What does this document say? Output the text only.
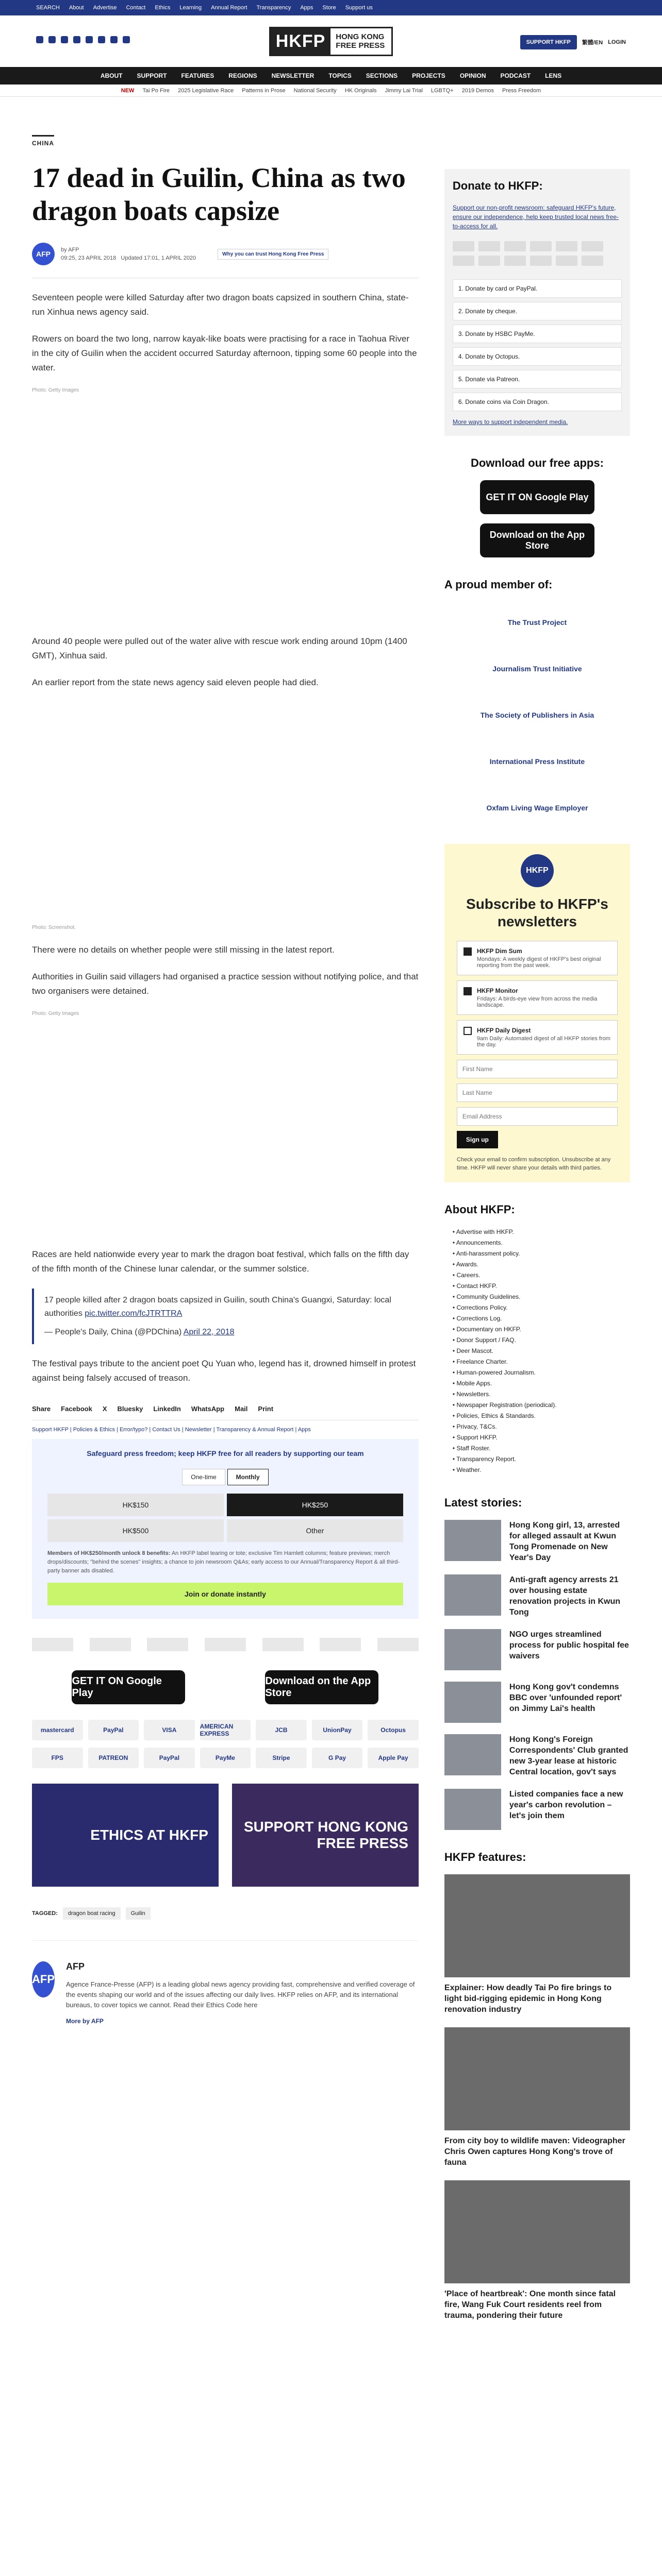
SEARCH About Advertise Contact Ethics Learning Annual Report Transparency Apps Store Support us
HKFP	HONG KONG FREE PRESS	SUPPORT HKFP	繁體/EN LOGIN
ABOUT SUPPORT FEATURES REGIONS NEWSLETTER TOPICS SECTIONS PROJECTS OPINION PODCAST LENS
NEW Tai Po Fire 2025 Legislative Race Patterns in Prose National Security HK Originals Jimmy Lai Trial LGBTQ+ 2019 Demos Press Freedom
CHINA
17 dead in Guilin, China as two dragon boats capsize
AFP	by AFP
09:25, 23 APRIL 2018 Updated 17:01, 1 APRIL 2020
Why you can trust Hong Kong Free Press

Seventeen people were killed Saturday after two dragon boats capsized in southern China, state-run Xinhua news agency said.

Rowers on board the two long, narrow kayak-like boats were practising for a race in Taohua River in the city of Guilin when the accident occurred Saturday afternoon, tipping some 60 people into the water.

Photo: Getty Images

Around 40 people were pulled out of the water alive with rescue work ending around 10pm (1400 GMT), Xinhua said.

An earlier report from the state news agency said eleven people had died.

Photo: Screenshot.

There were no details on whether people were still missing in the latest report.

Authorities in Guilin said villagers had organised a practice session without notifying police, and that two organisers were detained.

Photo: Getty Images

Races are held nationwide every year to mark the dragon boat festival, which falls on the fifth day of the fifth month of the Chinese lunar calendar, or the summer solstice.

17 people killed after 2 dragon boats capsized in Guilin, south China's Guangxi, Saturday: local authorities pic.twitter.com/fcJTRTTRA
— People's Daily, China (@PDChina) April 22, 2018

The festival pays tribute to the ancient poet Qu Yuan who, legend has it, drowned himself in protest against being falsely accused of treason.

Share Facebook X Bluesky LinkedIn WhatsApp Mail Print
Support HKFP | Policies & Ethics | Error/typo? | Contact Us | Newsletter | Transparency & Annual Report | Apps
Safeguard press freedom; keep HKFP free for all readers by supporting our team
One-time	Monthly
HK$150	HK$250
HK$500	Other
Members of HK$250/month unlock 8 benefits: An HKFP label tearing or tote; exclusive Tim Hamlett columns; feature previews; merch drops/discounts; "behind the scenes" insights; a chance to join newsroom Q&As; early access to our Annual/Transparency Report & all third-party banner ads disabled.
Join or donate instantly
GET IT ON Google Play
Download on the App Store
mastercard	PayPal	VISA	AMERICAN EXPRESS	JCB	UnionPay	Octopus
FPS	PATREON	PayPal	PayMe	Stripe	G Pay	Apple Pay
ETHICS AT HKFP
SUPPORT HONG KONG FREE PRESS
TAGGED:	dragon boat racing	Guilin
AFP
AFP

Agence France-Presse (AFP) is a leading global news agency providing fast, comprehensive and verified coverage of the events shaping our world and of the issues affecting our daily lives. HKFP relies on AFP, and its international bureaus, to cover topics we cannot. Read their Ethics Code here

More by AFP
Donate to HKFP:

Support our non-profit newsroom: safeguard HKFP's future, ensure our independence, help keep trusted local news free-to-access for all.

1. Donate by card or PayPal.
2. Donate by cheque.
3. Donate by HSBC PayMe.
4. Donate by Octopus.
5. Donate via Patreon.
6. Donate coins via Coin Dragon.
More ways to support independent media.
Download our free apps:
GET IT ON Google Play
Download on the App Store
A proud member of:
The Trust Project
Journalism Trust Initiative
The Society of Publishers in Asia
International Press Institute
Oxfam Living Wage Employer
HKFP
Subscribe to HKFP's newsletters
HKFP Dim Sum
Mondays: A weekly digest of HKFP's best original reporting from the past week.
HKFP Monitor
Fridays: A birds-eye view from across the media landscape.
HKFP Daily Digest
9am Daily: Automated digest of all HKFP stories from the day.
First Name Last Name Email Address
Sign up
Check your email to confirm subscription. Unsubscribe at any time. HKFP will never share your details with third parties.
About HKFP:
• Advertise with HKFP.
• Announcements.
• Anti-harassment policy.
• Awards.
• Careers.
• Contact HKFP.
• Community Guidelines.
• Corrections Policy.
• Corrections Log.
• Documentary on HKFP.
• Donor Support / FAQ.
• Deer Mascot.
• Freelance Charter.
• Human-powered Journalism.
• Mobile Apps.
• Newsletters.
• Newspaper Registration (periodical).
• Policies, Ethics & Standards.
• Privacy, T&Cs.
• Support HKFP.
• Staff Roster.
• Transparency Report.
• Weather.
Latest stories:
Hong Kong girl, 13, arrested for alleged assault at Kwun Tong Promenade on New Year's Day
Anti-graft agency arrests 21 over housing estate renovation projects in Kwun Tong
NGO urges streamlined process for public hospital fee waivers
Hong Kong gov't condemns BBC over 'unfounded report' on Jimmy Lai's health
Hong Kong's Foreign Correspondents' Club granted new 3-year lease at historic Central location, gov't says
Listed companies face a new year's carbon revolution – let's join them
HKFP features:
Explainer: How deadly Tai Po fire brings to light bid-rigging epidemic in Hong Kong renovation industry
From city boy to wildlife maven: Videographer Chris Owen captures Hong Kong's trove of fauna
'Place of heartbreak': One month since fatal fire, Wang Fuk Court residents reel from trauma, pondering their future
